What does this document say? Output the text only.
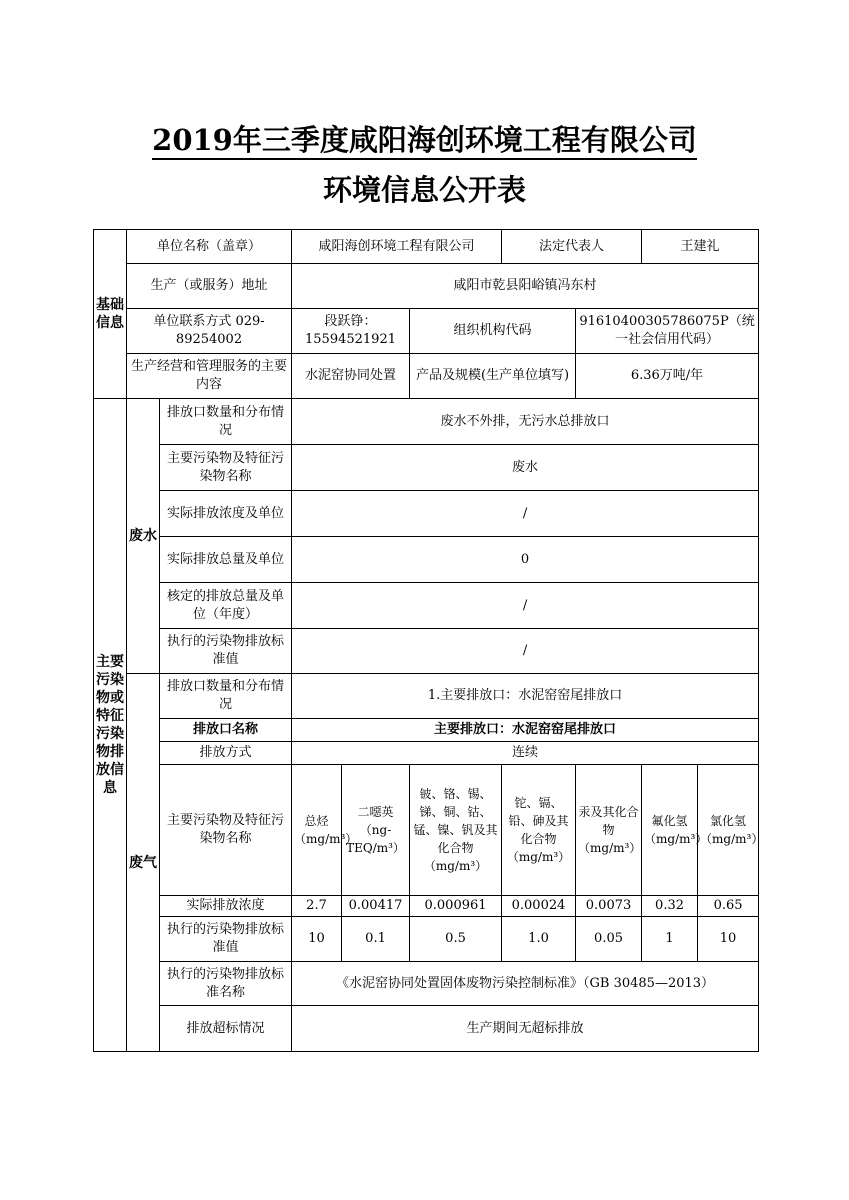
2019年三季度咸阳海创环境工程有限公司
环境信息公开表
基础信息	单位名称（盖章）		咸阳海创环境工程有限公司			法定代表人		王建礼	
	生产（或服务）地址		咸阳市乾县阳峪镇冯东村						
	单位联系方式 029-89254002		段跃铮：15594521921		组织机构代码		91610400305786075P（统一社会信用代码）		
	生产经营和管理服务的主要内容		水泥窑协同处置		产品及规模(生产单位填写)		6.36万吨/年		
主要污染物或特征污染物排放信息	废水	排放口数量和分布情况	废水不外排，无污水总排放口						
		主要污染物及特征污染物名称	废水						
		实际排放浓度及单位	/						
		实际排放总量及单位	0						
		核定的排放总量及单位（年度）	/						
		执行的污染物排放标准值	/						
	废气	排放口数量和分布情况	1.主要排放口：水泥窑窑尾排放口						
		排放口名称	主要排放口：水泥窑窑尾排放口						
		排放方式	连续						
		主要污染物及特征污染物名称	总烃（mg/m³）	二噁英（ng-TEQ/m³）	铍、铬、锡、锑、铜、钴、锰、镍、钒及其化合物（mg/m³）	铊、镉、铅、砷及其化合物（mg/m³）	汞及其化合物（mg/m³）	氟化氢（mg/m³）	氯化氢（mg/m³）
		实际排放浓度	2.7	0.00417	0.000961	0.00024	0.0073	0.32	0.65
		执行的污染物排放标准值	10	0.1	0.5	1.0	0.05	1	10
		执行的污染物排放标准名称	《水泥窑协同处置固体废物污染控制标准》（GB 30485—2013）						
		排放超标情况	生产期间无超标排放						
